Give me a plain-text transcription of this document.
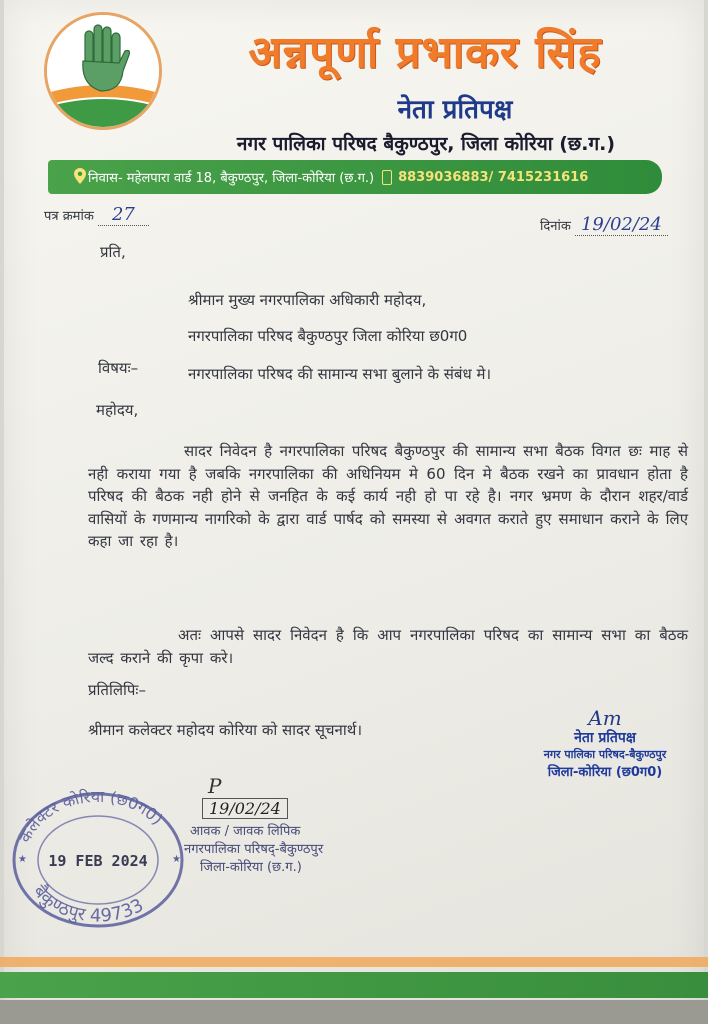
अन्नपूर्णा प्रभाकर सिंह
नेता प्रतिपक्ष
नगर पालिका परिषद बैकुण्ठपुर, जिला कोरिया (छ.ग.)
निवास- महेलपारा वार्ड 18, बैकुण्ठपुर, जिला-कोरिया (छ.ग.) 8839036883/ 7415231616
पत्र क्रमांक 27
दिनांक 19/02/24
प्रति,
श्रीमान मुख्य नगरपालिका अधिकारी महोदय,
नगरपालिका परिषद बैकुण्ठपुर जिला कोरिया छ0ग0
विषयः–	नगरपालिका परिषद की सामान्य सभा बुलाने के संबंध मे।
महोदय,
सादर निवेदन है नगरपालिका परिषद बैकुण्ठपुर की सामान्य सभा बैठक विगत छः माह से नही कराया गया है जबकि नगरपालिका की अधिनियम मे 60 दिन मे बैठक रखने का प्रावधान होता है परिषद की बैठक नही होने से जनहित के कई कार्य नही हो पा रहे है। नगर भ्रमण के दौरान शहर/वार्ड वासियों के गणमान्य नागरिको के द्वारा वार्ड पार्षद को समस्या से अवगत कराते हुए समाधान कराने के लिए कहा जा रहा है।
अतः आपसे सादर निवेदन है कि आप नगरपालिका परिषद का सामान्य सभा का बैठक जल्द कराने की कृपा करे।
प्रतिलिपिः–
श्रीमान कलेक्टर महोदय कोरिया को सादर सूचनार्थ।	Am
नेता प्रतिपक्ष
नगर पालिका परिषद-बैकुण्ठपुर
जिला-कोरिया (छ0ग0)
कलेक्टर कोरिया (छ0ग0)
बैकुण्ठपुर 49733
19 FEB 2024
★	★
P
19/02/24
आवक / जावक लिपिक
नगरपालिका परिषद्-बैकुण्ठपुर
जिला-कोरिया (छ.ग.)
